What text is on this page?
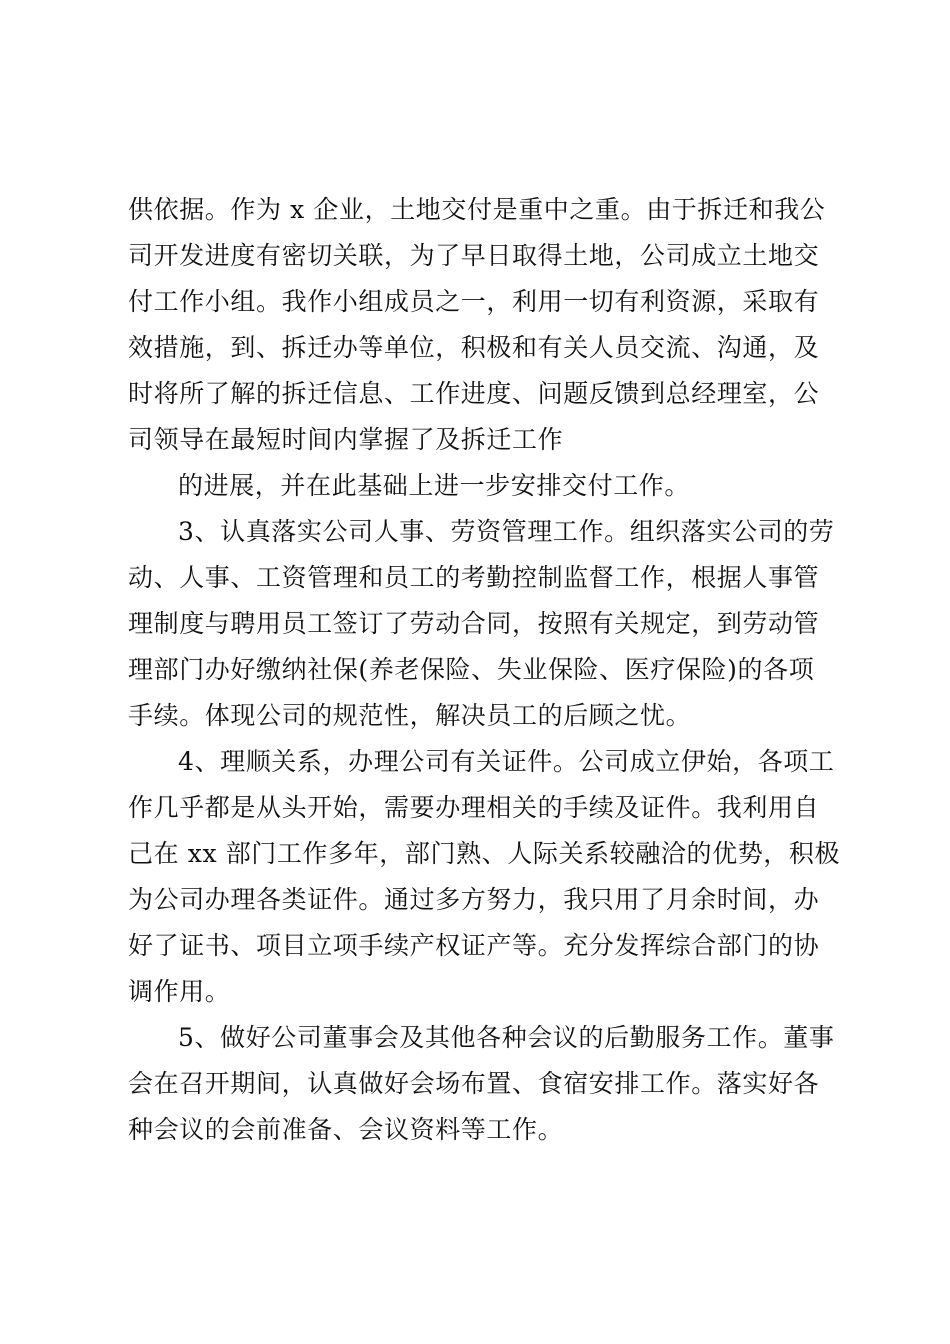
供依据。作为 x 企业，土地交付是重中之重。由于拆迁和我公
司开发进度有密切关联，为了早日取得土地，公司成立土地交
付工作小组。我作小组成员之一，利用一切有利资源，采取有
效措施，到、拆迁办等单位，积极和有关人员交流、沟通，及
时将所了解的拆迁信息、工作进度、问题反馈到总经理室，公
司领导在最短时间内掌握了及拆迁工作
的进展，并在此基础上进一步安排交付工作。
3、认真落实公司人事、劳资管理工作。组织落实公司的劳
动、人事、工资管理和员工的考勤控制监督工作，根据人事管
理制度与聘用员工签订了劳动合同，按照有关规定，到劳动管
理部门办好缴纳社保(养老保险、失业保险、医疗保险)的各项
手续。体现公司的规范性，解决员工的后顾之忧。
4、理顺关系，办理公司有关证件。公司成立伊始，各项工
作几乎都是从头开始，需要办理相关的手续及证件。我利用自
己在 xx 部门工作多年，部门熟、人际关系较融洽的优势，积极
为公司办理各类证件。通过多方努力，我只用了月余时间，办
好了证书、项目立项手续产权证产等。充分发挥综合部门的协
调作用。
5、做好公司董事会及其他各种会议的后勤服务工作。董事
会在召开期间，认真做好会场布置、食宿安排工作。落实好各
种会议的会前准备、会议资料等工作。
